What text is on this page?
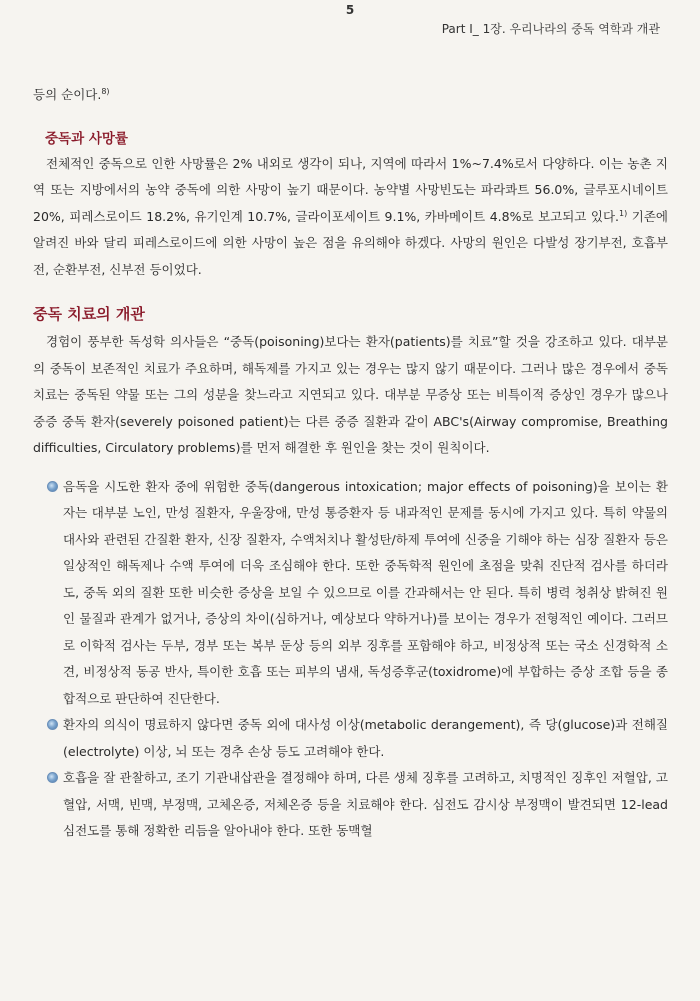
5
Part I_ 1장. 우리나라의 중독 역학과 개관

등의 순이다.$^{8)}$

중독과 사망률

전체적인 중독으로 인한 사망률은 2% 내외로 생각이 되나, 지역에 따라서 1%~7.4%로서 다양하다. 이는 농촌 지역 또는 지방에서의 농약 중독에 의한 사망이 높기 때문이다. 농약별 사망빈도는 파라콰트 56.0%, 글루포시네이트 20%, 피레스로이드 18.2%, 유기인계 10.7%, 글라이포세이트 9.1%, 카바메이트 4.8%로 보고되고 있다.$^{1)}$ 기존에 알려진 바와 달리 피레스로이드에 의한 사망이 높은 점을 유의해야 하겠다. 사망의 원인은 다발성 장기부전, 호흡부전, 순환부전, 신부전 등이었다.

중독 치료의 개관

경험이 풍부한 독성학 의사들은 “중독(poisoning)보다는 환자(patients)를 치료”할 것을 강조하고 있다. 대부분의 중독이 보존적인 치료가 주요하며, 해독제를 가지고 있는 경우는 많지 않기 때문이다. 그러나 많은 경우에서 중독 치료는 중독된 약물 또는 그의 성분을 찾느라고 지연되고 있다. 대부분 무증상 또는 비특이적 증상인 경우가 많으나 중증 중독 환자(severely poisoned patient)는 다른 중증 질환과 같이 ABC's(Airway compromise, Breathing difficulties, Circulatory problems)를 먼저 해결한 후 원인을 찾는 것이 원칙이다.

음독을 시도한 환자 중에 위험한 중독(dangerous intoxication; major effects of poisoning)을 보이는 환자는 대부분 노인, 만성 질환자, 우울장애, 만성 통증환자 등 내과적인 문제를 동시에 가지고 있다. 특히 약물의 대사와 관련된 간질환 환자, 신장 질환자, 수액처치나 활성탄/하제 투여에 신중을 기해야 하는 심장 질환자 등은 일상적인 해독제나 수액 투여에 더욱 조심해야 한다. 또한 중독학적 원인에 초점을 맞춰 진단적 검사를 하더라도, 중독 외의 질환 또한 비슷한 증상을 보일 수 있으므로 이를 간과해서는 안 된다. 특히 병력 청취상 밝혀진 원인 물질과 관계가 없거나, 증상의 차이(심하거나, 예상보다 약하거나)를 보이는 경우가 전형적인 예이다. 그러므로 이학적 검사는 두부, 경부 또는 복부 둔상 등의 외부 징후를 포함해야 하고, 비정상적 또는 국소 신경학적 소견, 비정상적 동공 반사, 특이한 호흡 또는 피부의 냄새, 독성증후군(toxidrome)에 부합하는 증상 조합 등을 종합적으로 판단하여 진단한다.
환자의 의식이 명료하지 않다면 중독 외에 대사성 이상(metabolic derangement), 즉 당(glucose)과 전해질(electrolyte) 이상, 뇌 또는 경추 손상 등도 고려해야 한다.
호흡을 잘 관찰하고, 조기 기관내삽관을 결정해야 하며, 다른 생체 징후를 고려하고, 치명적인 징후인 저혈압, 고혈압, 서맥, 빈맥, 부정맥, 고체온증, 저체온증 등을 치료해야 한다. 심전도 감시상 부정맥이 발견되면 12-lead 심전도를 통해 정확한 리듬을 알아내야 한다. 또한 동맥혈
